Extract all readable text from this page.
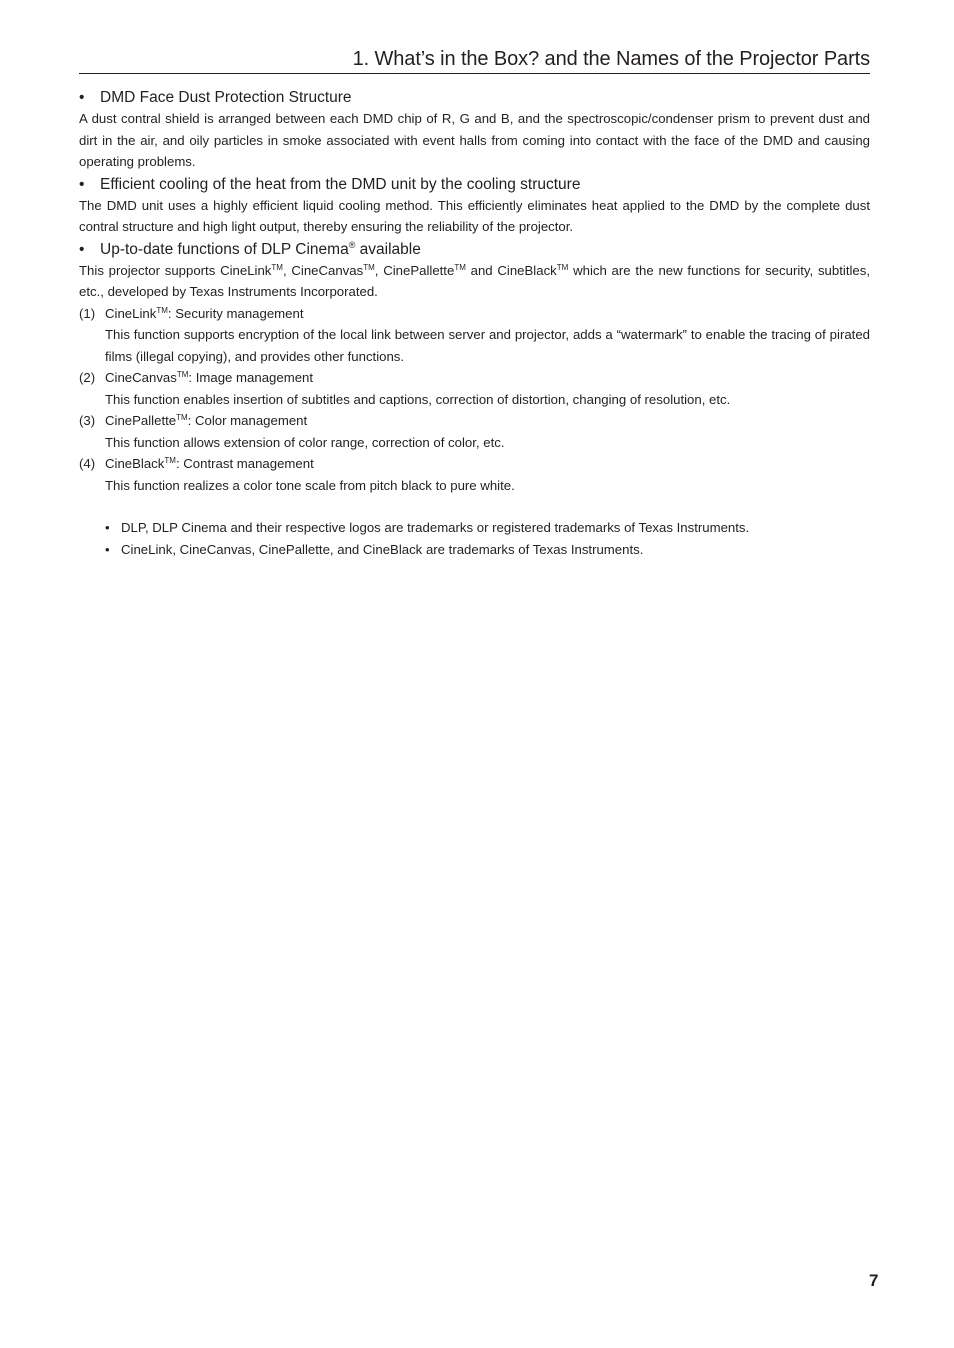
1. What’s in the Box? and the Names of the Projector Parts

• DMD Face Dust Protection Structure

A dust contral shield is arranged between each DMD chip of R, G and B, and the spectroscopic/condenser prism to prevent dust and dirt in the air, and oily particles in smoke associated with event halls from coming into contact with the face of the DMD and causing operating problems.

• Efficient cooling of the heat from the DMD unit by the cooling structure

The DMD unit uses a highly efficient liquid cooling method. This efficiently eliminates heat applied to the DMD by the complete dust contral structure and high light output, thereby ensuring the reliability of the projector.

• Up-to-date functions of DLP Cinema® available

This projector supports CineLink™, CineCanvas™, CinePallette™ and CineBlack™ which are the new functions for security, subtitles, etc., developed by Texas Instruments Incorporated.

(1) CineLink™: Security management

This function supports encryption of the local link between server and projector, adds a “watermark” to enable the tracing of pirated films (illegal copying), and provides other functions.

(2) CineCanvas™: Image management

This function enables insertion of subtitles and captions, correction of distortion, changing of resolution, etc.

(3) CinePallette™: Color management

This function allows extension of color range, correction of color, etc.

(4) CineBlack™: Contrast management

This function realizes a color tone scale from pitch black to pure white.

• DLP, DLP Cinema and their respective logos are trademarks or registered trademarks of Texas Instruments.
• CineLink, CineCanvas, CinePallette, and CineBlack are trademarks of Texas Instruments.
7
